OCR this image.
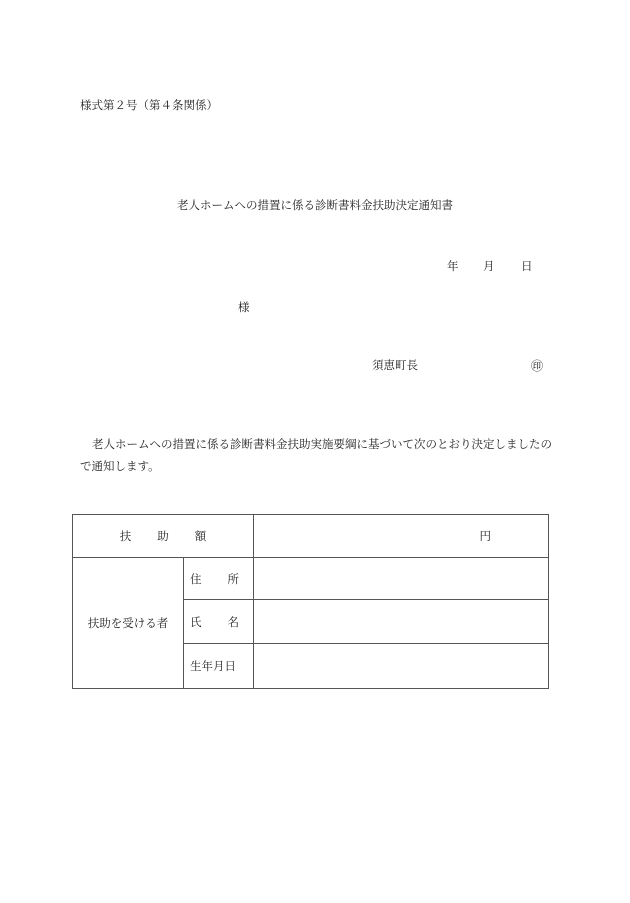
様式第２号（第４条関係）
老人ホームへの措置に係る診断書料金扶助決定通知書
年 月 日
様
須恵町長	㊞
老人ホームへの措置に係る診断書料金扶助実施要綱に基づいて次のとおり決定しましたので通知します。
扶 助 額		円
扶助を受ける者	住 所	
	氏 名	
	生年月日	
